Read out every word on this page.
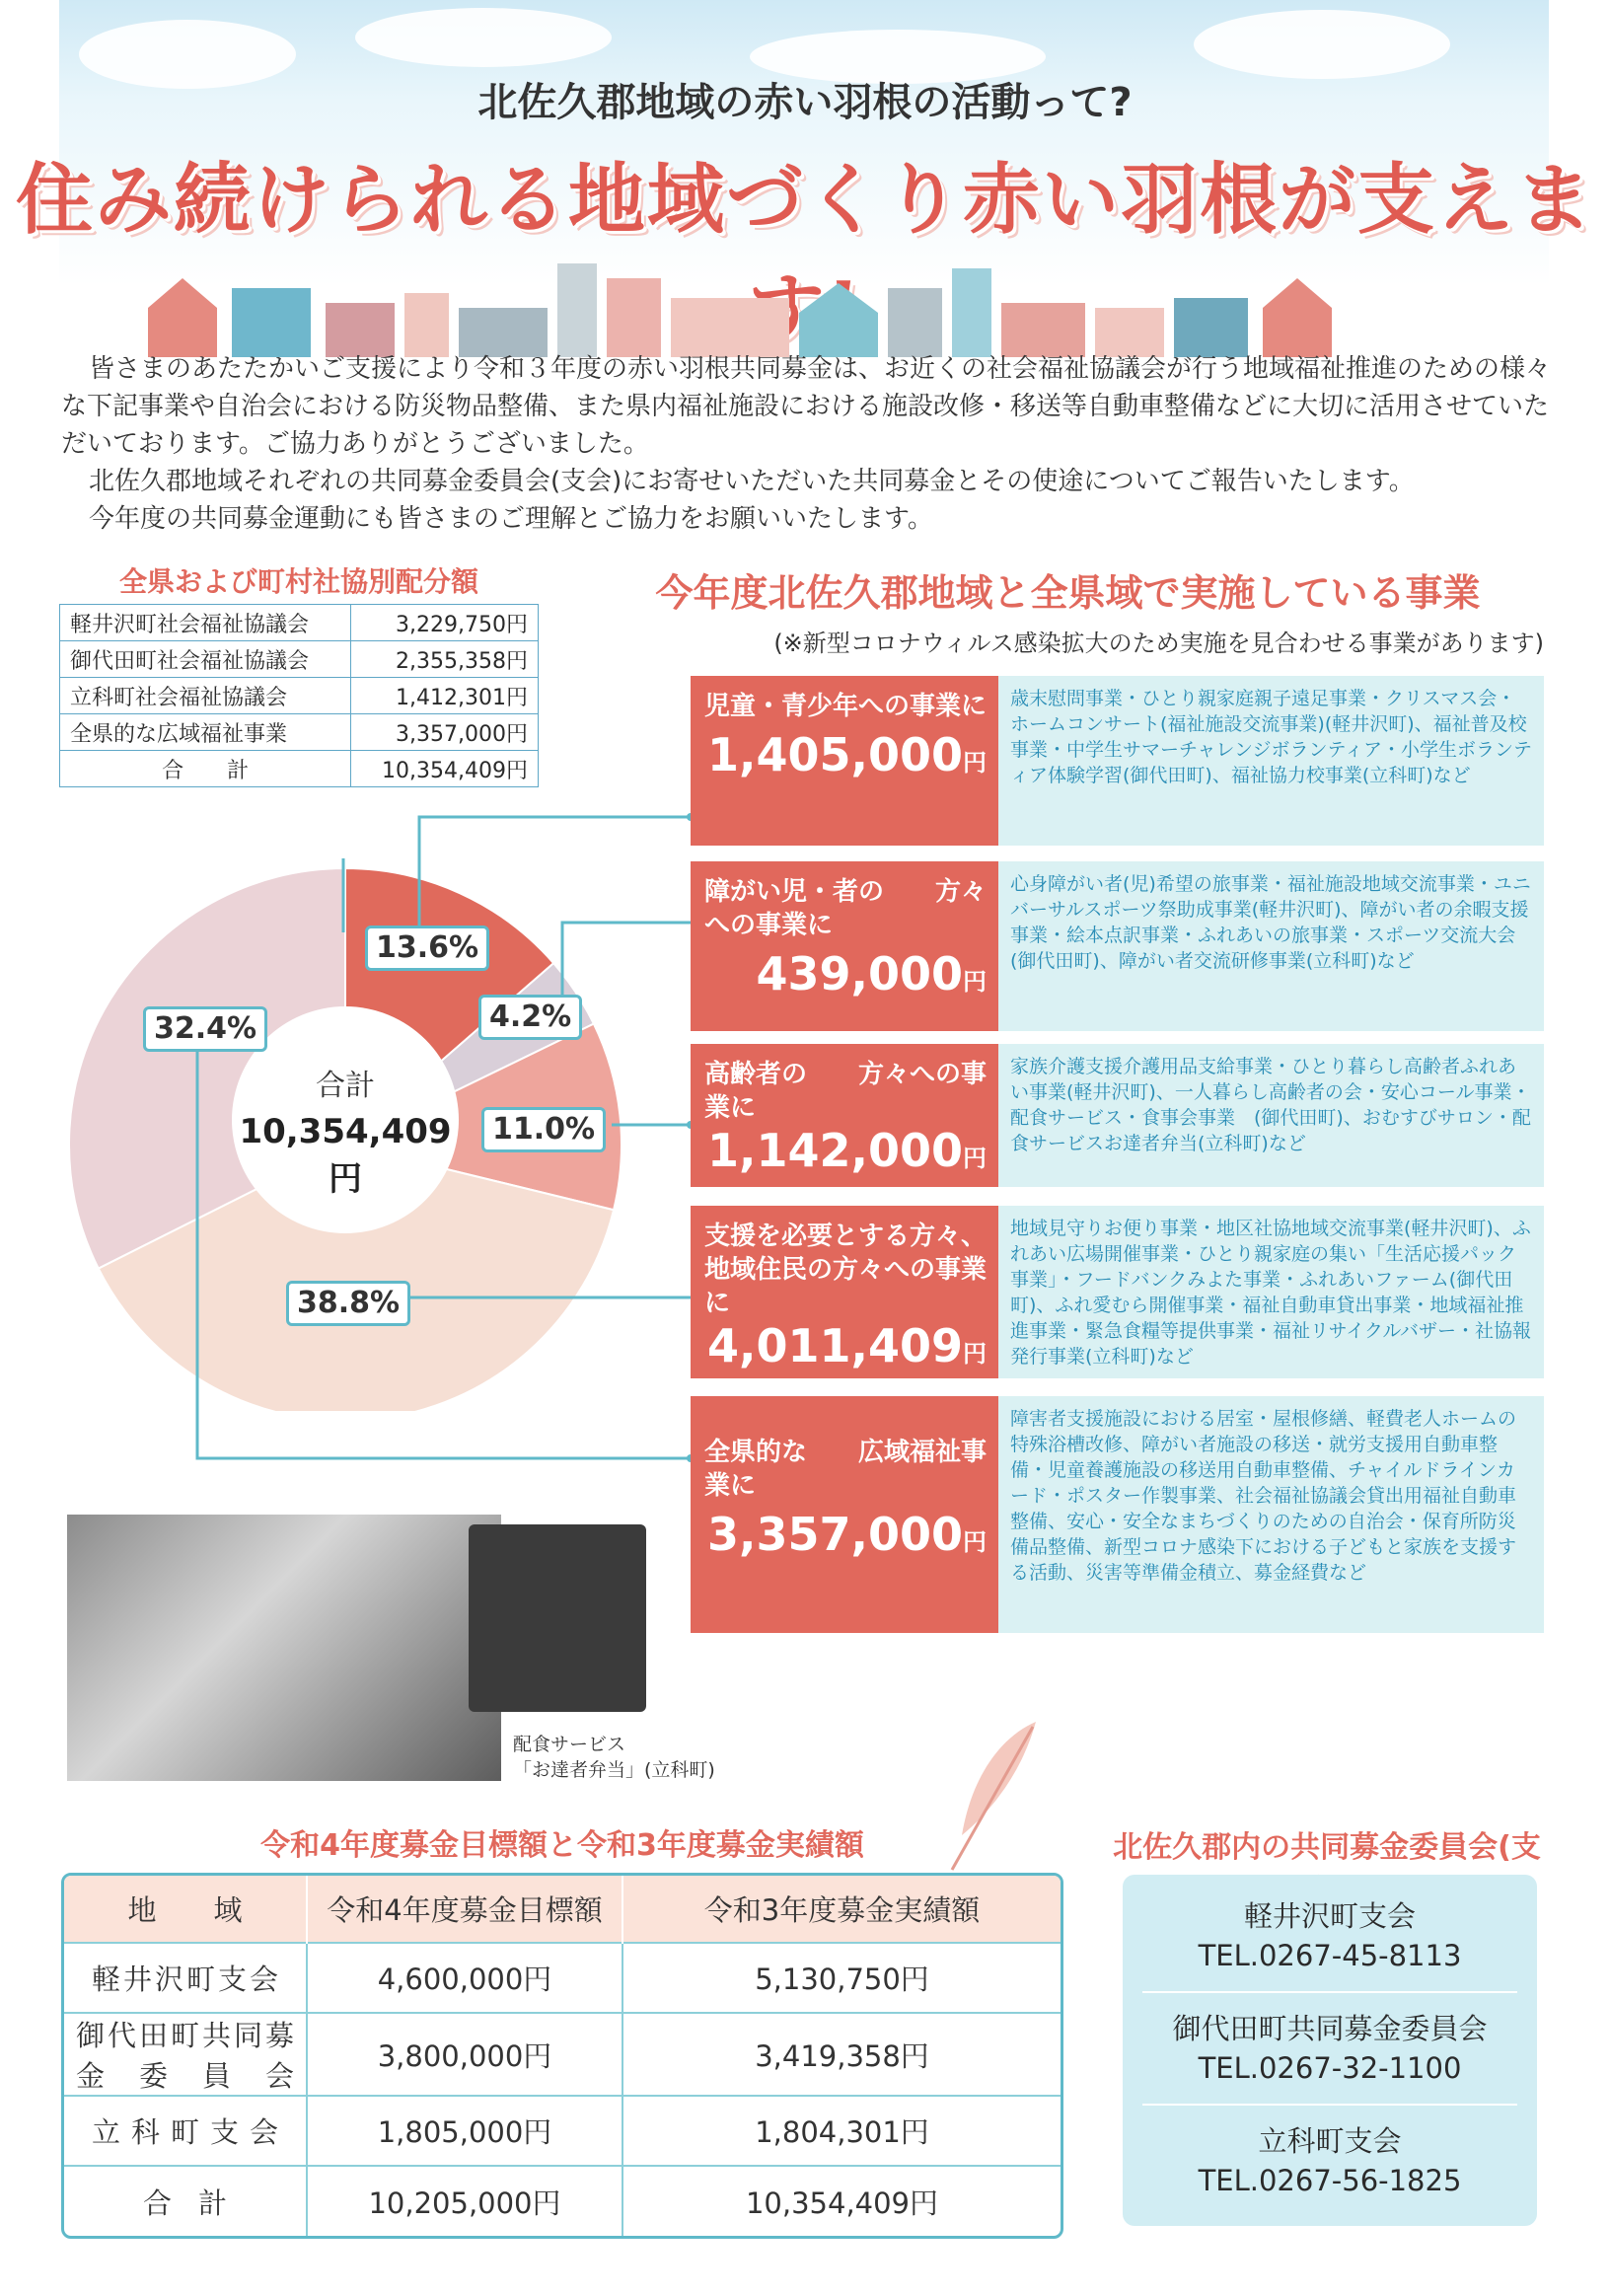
北佐久郡地域の赤い羽根の活動って?
住み続けられる地域づくり赤い羽根が支えま

皆さまのあたたかいご支援により令和３年度の赤い羽根共同募金は、お近くの社会福祉協議会が行う地域福祉推進のための様々な下記事業や自治会における防災物品整備、また県内福祉施設における施設改修・移送等自動車整備などに大切に活用させていただいております。ご協力ありがとうございました。

北佐久郡地域それぞれの共同募金委員会(支会)にお寄せいただいた共同募金とその使途についてご報告いたします。

今年度の共同募金運動にも皆さまのご理解とご協力をお願いいたします。

全県および町村社協別配分額
軽井沢町社会福祉協議会	3,229,750円
御代田町社会福祉協議会	2,355,358円
立科町社会福祉協議会	1,412,301円
全県的な広域福祉事業	3,357,000円
合　　計	10,354,409円
合計
10,354,409円
13.6%
4.2%
11.0%
38.8%
32.4%
今年度北佐久郡地域と全県域で実施している事業
(※新型コロナウィルス感染拡大のため実施を見合わせる事業があります)
児童・青少年への事業に
1,405,000円
歳末慰問事業・ひとり親家庭親子遠足事業・クリスマス会・ホームコンサート(福祉施設交流事業)(軽井沢町)、福祉普及校事業・中学生サマーチャレンジボランティア・小学生ボランティア体験学習(御代田町)、福祉協力校事業(立科町)など
障がい児・者の　　方々への事業に
439,000円
心身障がい者(児)希望の旅事業・福祉施設地域交流事業・ユニバーサルスポーツ祭助成事業(軽井沢町)、障がい者の余暇支援事業・絵本点訳事業・ふれあいの旅事業・スポーツ交流大会(御代田町)、障がい者交流研修事業(立科町)など
高齢者の　　方々への事業に
1,142,000円
家族介護支援介護用品支給事業・ひとり暮らし高齢者ふれあい事業(軽井沢町)、一人暮らし高齢者の会・安心コール事業・配食サービス・食事会事業　(御代田町)、おむすびサロン・配食サービスお達者弁当(立科町)など
支援を必要とする方々、地域住民の方々への事業に
4,011,409円
地域見守りお便り事業・地区社協地域交流事業(軽井沢町)、ふれあい広場開催事業・ひとり親家庭の集い「生活応援パック事業」・フードバンクみよた事業・ふれあいファーム(御代田町)、ふれ愛むら開催事業・福祉自動車貸出事業・地域福祉推進事業・緊急食糧等提供事業・福祉リサイクルバザー・社協報発行事業(立科町)など
全県的な　　広域福祉事業に
3,357,000円
障害者支援施設における居室・屋根修繕、軽費老人ホームの特殊浴槽改修、障がい者施設の移送・就労支援用自動車整備・児童養護施設の移送用自動車整備、チャイルドラインカード・ポスター作製事業、社会福祉協議会貸出用福祉自動車整備、安心・安全なまちづくりのための自治会・保育所防災備品整備、新型コロナ感染下における子どもと家族を支援する活動、災害等準備金積立、募金経費など
配食サービス
「お達者弁当」(立科町)
令和4年度募金目標額と令和3年度募金実績額
地　　域	令和4年度募金目標額	令和3年度募金実績額
軽井沢町支会	4,600,000円	5,130,750円
御代田町共同募金委員会	3,800,000円	3,419,358円
立科町支会	1,805,000円	1,804,301円
合計	10,205,000円	10,354,409円
北佐久郡内の共同募金委員会(支
軽井沢町支会
TEL.0267-45-8113
御代田町共同募金委員会
TEL.0267-32-1100
立科町支会
TEL.0267-56-1825
